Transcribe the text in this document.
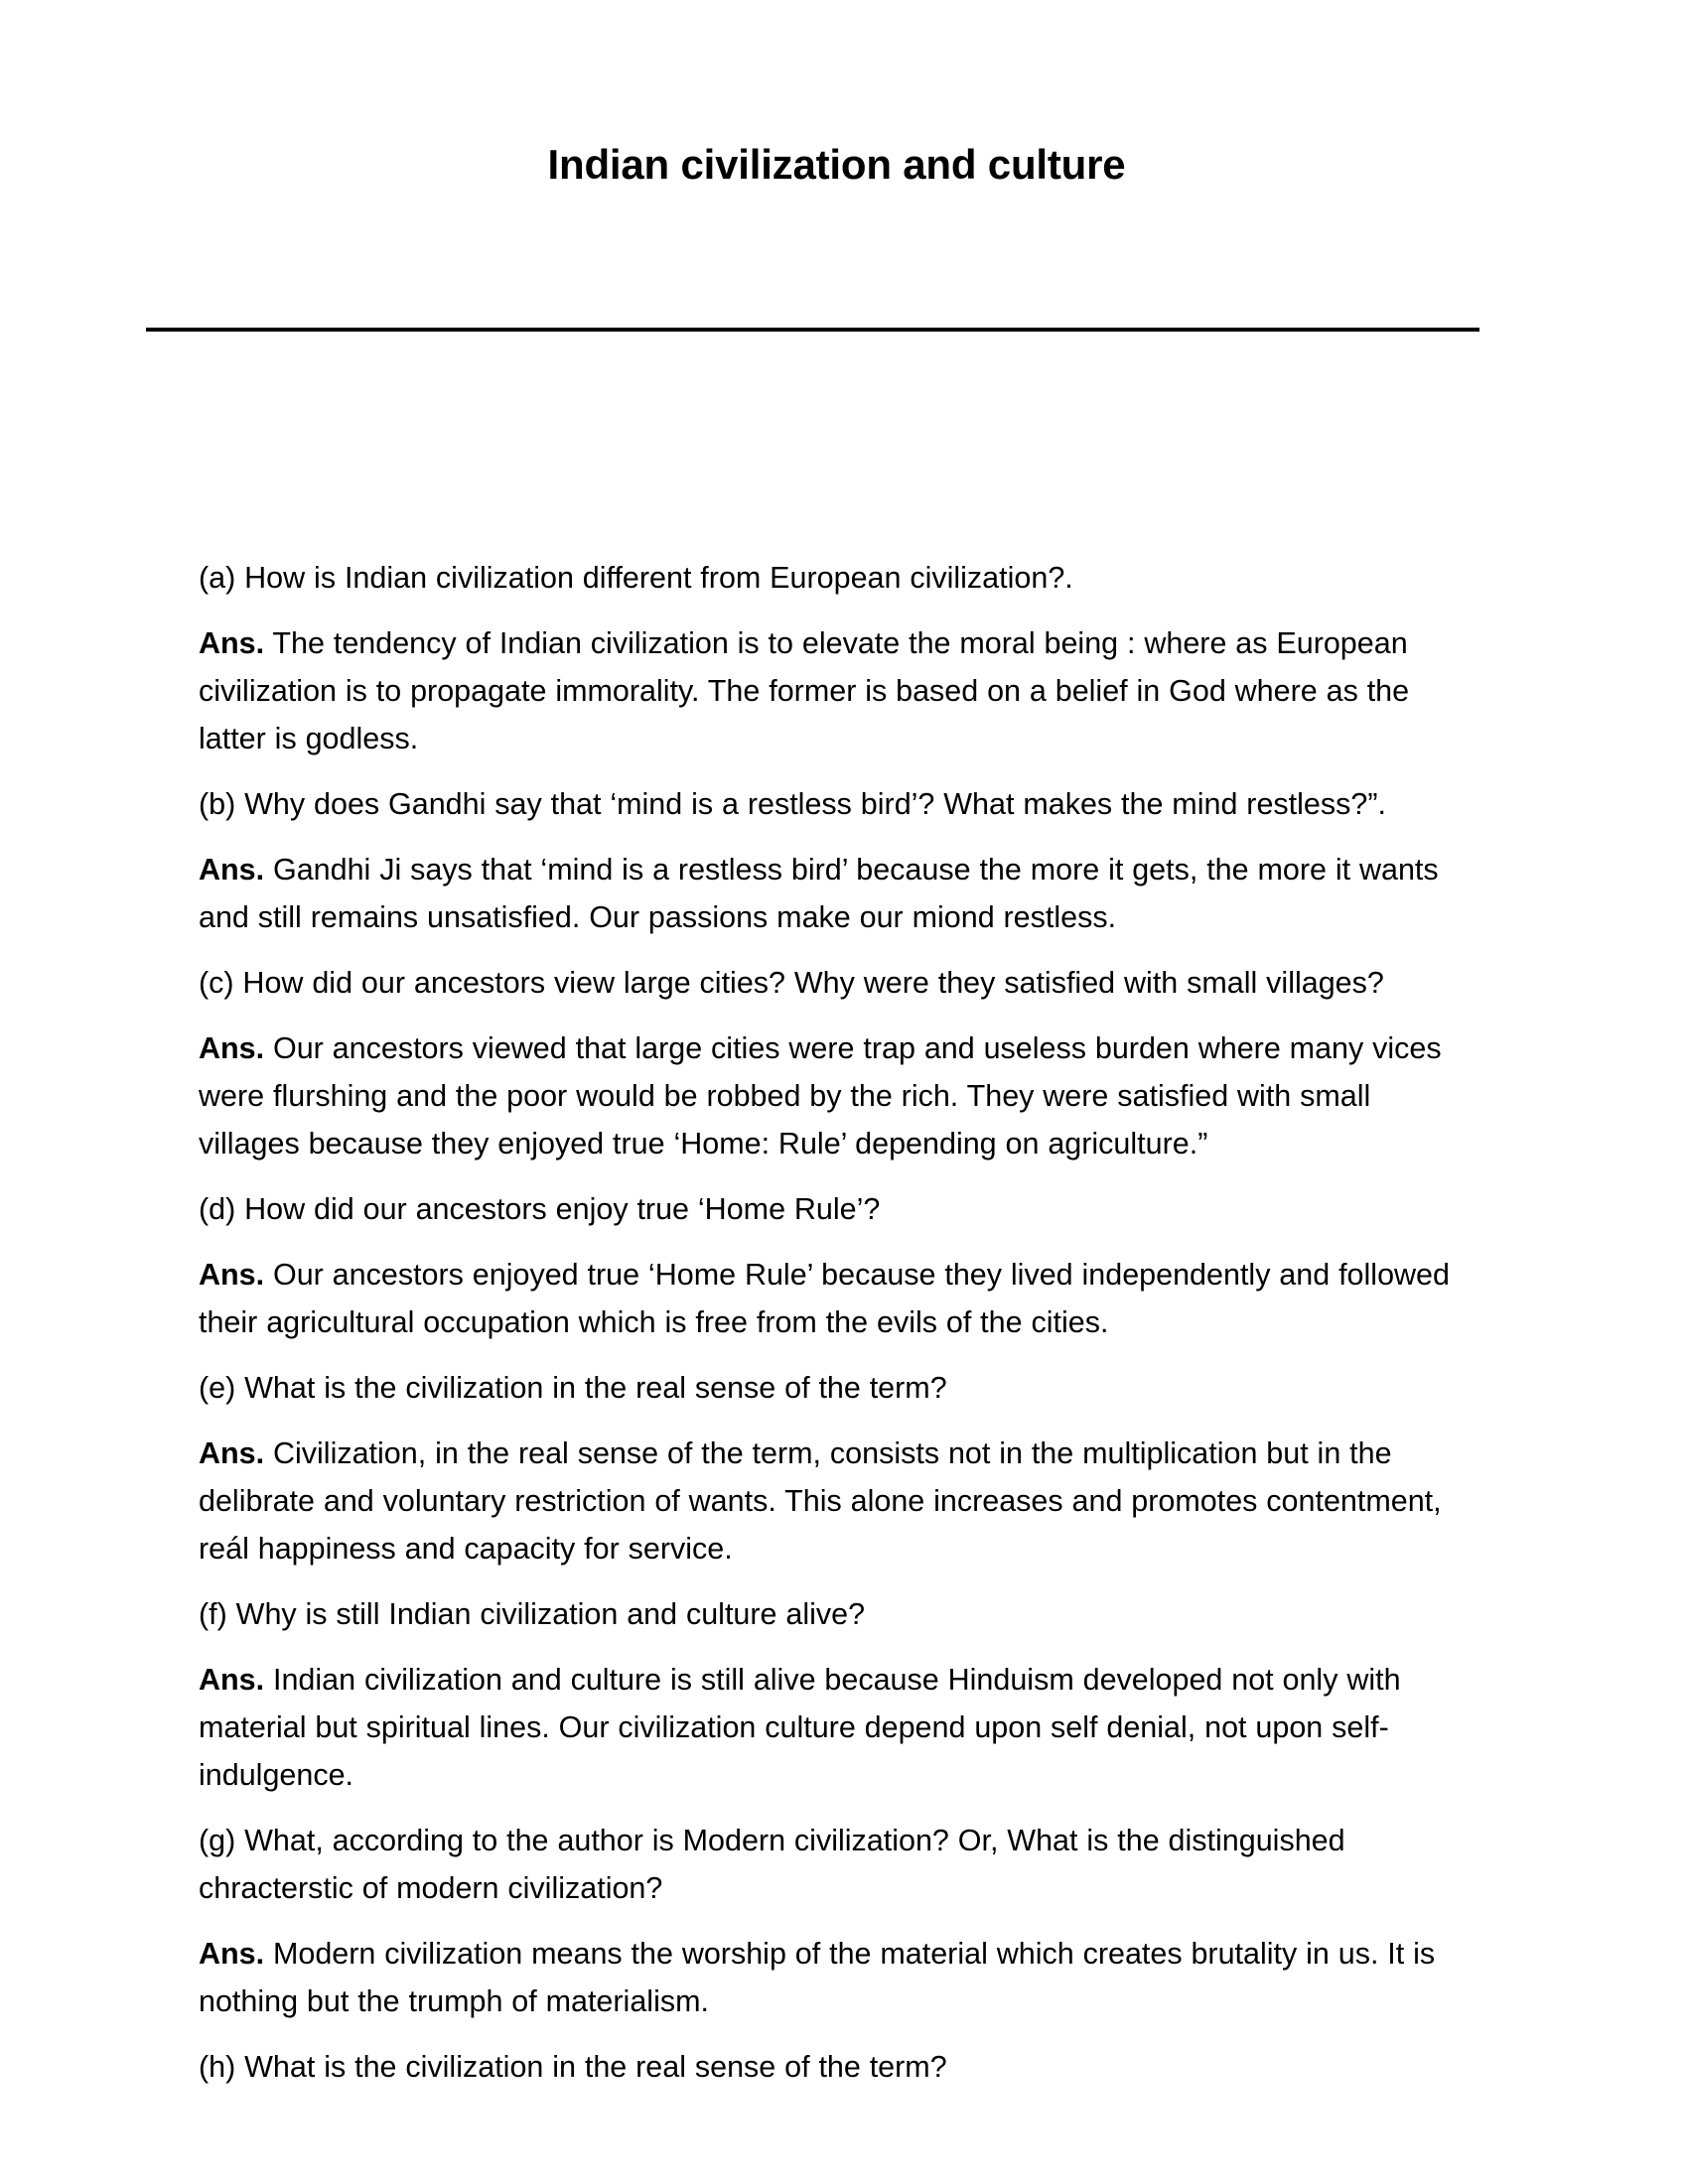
Indian civilization and culture

(a) How is Indian civilization different from European civilization?.

Ans. The tendency of Indian civilization is to elevate the moral being : where as European civilization is to propagate immorality. The former is based on a belief in God where as the latter is godless.

(b) Why does Gandhi say that ‘mind is a restless bird’? What makes the mind restless?”.

Ans. Gandhi Ji says that ‘mind is a restless bird’ because the more it gets, the more it wants and still remains unsatisfied. Our passions make our miond restless.

(c) How did our ancestors view large cities? Why were they satisfied with small villages?

Ans. Our ancestors viewed that large cities were trap and useless burden where many vices were flurshing and the poor would be robbed by the rich. They were satisfied with small villages because they enjoyed true ‘Home: Rule’ depending on agriculture.”

(d) How did our ancestors enjoy true ‘Home Rule’?

Ans. Our ancestors enjoyed true ‘Home Rule’ because they lived independently and followed their agricultural occupation which is free from the evils of the cities.

(e) What is the civilization in the real sense of the term?

Ans. Civilization, in the real sense of the term, consists not in the multiplication but in the delibrate and voluntary restriction of wants. This alone increases and promotes contentment, reál happiness and capacity for service.

(f) Why is still Indian civilization and culture alive?

Ans. Indian civilization and culture is still alive because Hinduism developed not only with material but spiritual lines. Our civilization culture depend upon self denial, not upon self-indulgence.

(g) What, according to the author is Modern civilization? Or, What is the distinguished chracterstic of modern civilization?

Ans. Modern civilization means the worship of the material which creates brutality in us. It is nothing but the trumph of materialism.

(h) What is the civilization in the real sense of the term?
